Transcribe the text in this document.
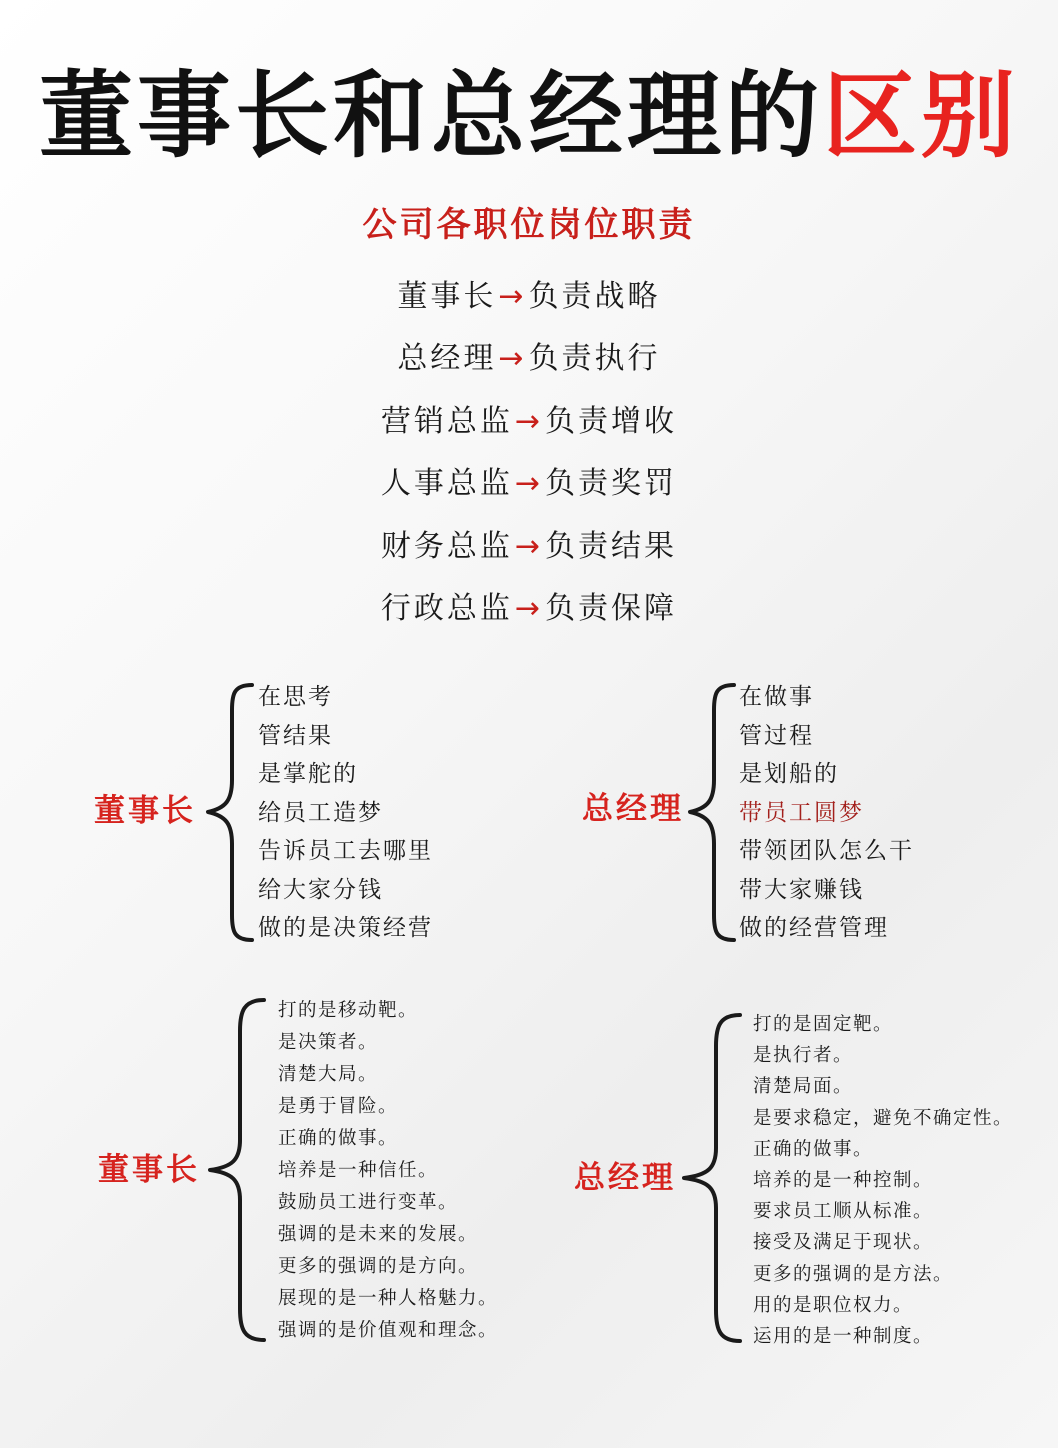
董事长和总经理的区别
公司各职位岗位职责
董事长→负责战略
总经理→负责执行
营销总监→负责增收
人事总监→负责奖罚
财务总监→负责结果
行政总监→负责保障
董事长
在思考
管结果
是掌舵的
给员工造梦
告诉员工去哪里
给大家分钱
做的是决策经营
总经理
在做事
管过程
是划船的
带员工圆梦
带领团队怎么干
带大家赚钱
做的经营管理
董事长
打的是移动靶。
是决策者。
清楚大局。
是勇于冒险。
正确的做事。
培养是一种信任。
鼓励员工进行变革。
强调的是未来的发展。
更多的强调的是方向。
展现的是一种人格魅力。
强调的是价值观和理念。
总经理
打的是固定靶。
是执行者。
清楚局面。
是要求稳定，避免不确定性。
正确的做事。
培养的是一种控制。
要求员工顺从标准。
接受及满足于现状。
更多的强调的是方法。
用的是职位权力。
运用的是一种制度。
